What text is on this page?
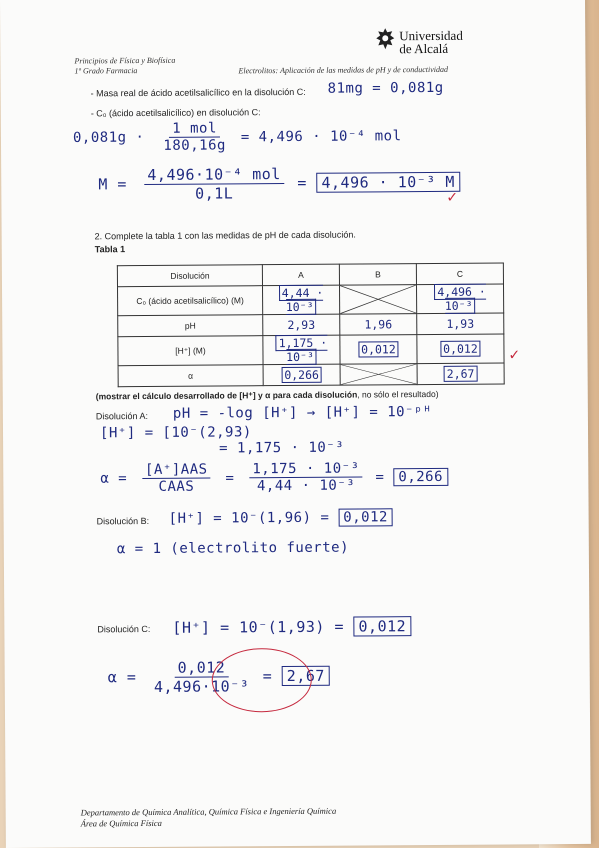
Principios de Física y Biofísica
1º Grado Farmacia
Universidad
de Alcalá
Electrolitos: Aplicación de las medidas de pH y de conductividad
- Masa real de ácido acetilsalicílico en la disolución C: 81mg = 0,081g
- C₀ (ácido acetilsalicílico) en disolución C:
$0,081g \cdot \frac{\text{1 mol}}{180,16g} = 4,496 \cdot 10^{-4}$ mol
$M = \frac{\text{4,496·10⁻⁴ mol}}{0,1L} = 4,496 \cdot 10^{-3}$ M
✓
2. Complete la tabla 1 con las medidas de pH de cada disolución.
Tabla 1
Disolución	A	B	C
C₀ (ácido acetilsalicílico) (M)	4,44 · 10⁻³		4,496 · 10⁻³
pH	2,93	1,96	1,93
[H⁺] (M)	1,175 · 10⁻³	0,012	0,012
α	0,266		2,67
✓
(mostrar el cálculo desarrollado de [H⁺] y α para cada disolución, no sólo el resultado)
Disolución A: pH = -log [H⁺] → [H⁺] = 10⁻ᵖᴴ
[H⁺] = [10⁻(2,93)
= 1,175 · 10⁻³
$\alpha = \frac{\text{[A⁺]AAS}}{\text{CAAS}} = \frac{\text{1,175 · 10⁻³}}{\text{4,44 · 10⁻³}} = 0,266$
Disolución B: [H⁺] = 10⁻(1,96) = 0,012
α = 1 (electrolito fuerte)
Disolución C: [H⁺] = 10⁻(1,93) = 0,012
$\alpha = \frac{0,012}{\text{4,496·10⁻³}} = 2,67$
Departamento de Química Analítica, Química Física e Ingeniería Química
Área de Química Física
